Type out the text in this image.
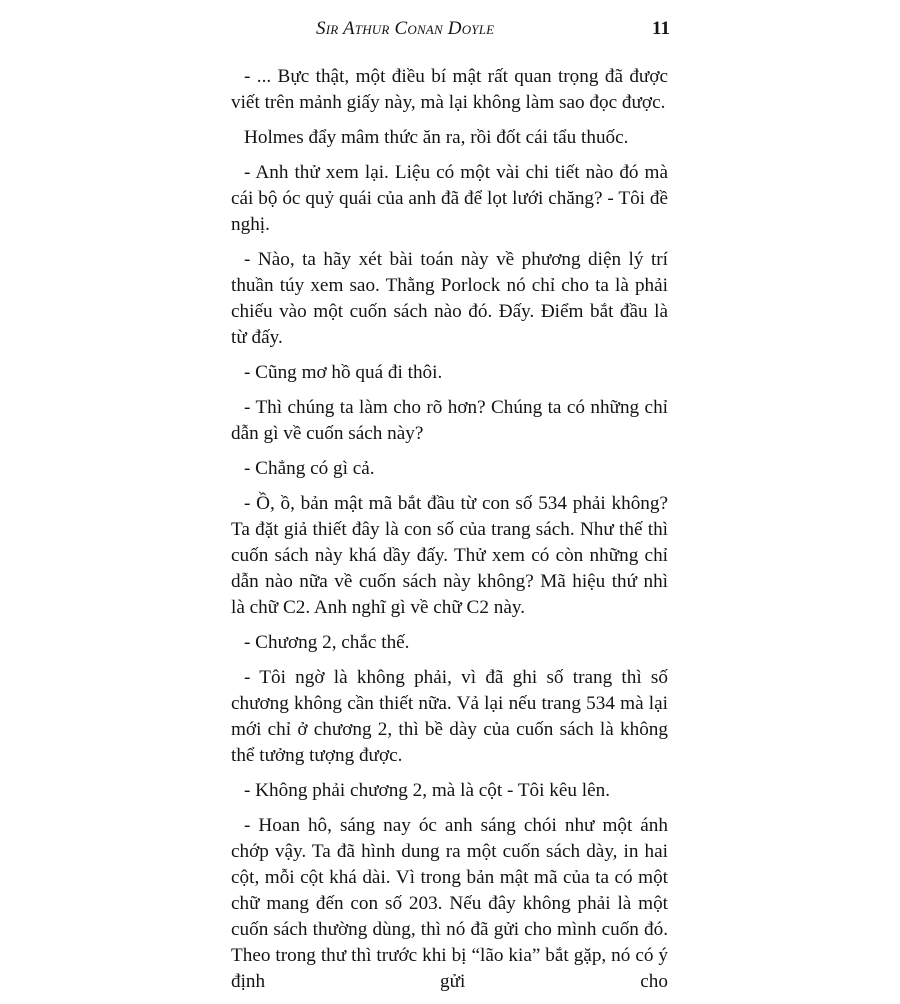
Sir Athur Conan Doyle	11

- ... Bực thật, một điều bí mật rất quan trọng đã được viết trên mảnh giấy này, mà lại không làm sao đọc được.

Holmes đẩy mâm thức ăn ra, rồi đốt cái tẩu thuốc.

- Anh thử xem lại. Liệu có một vài chi tiết nào đó mà cái bộ óc quỷ quái của anh đã để lọt lưới chăng? - Tôi đề nghị.

- Nào, ta hãy xét bài toán này về phương diện lý trí thuần túy xem sao. Thằng Porlock nó chỉ cho ta là phải chiếu vào một cuốn sách nào đó. Đấy. Điểm bắt đầu là từ đấy.

- Cũng mơ hồ quá đi thôi.

- Thì chúng ta làm cho rõ hơn? Chúng ta có những chỉ dẫn gì về cuốn sách này?

- Chẳng có gì cả.

- Ồ, ồ, bản mật mã bắt đầu từ con số 534 phải không? Ta đặt giả thiết đây là con số của trang sách. Như thế thì cuốn sách này khá dầy đấy. Thử xem có còn những chỉ dẫn nào nữa về cuốn sách này không? Mã hiệu thứ nhì là chữ C2. Anh nghĩ gì về chữ C2 này.

- Chương 2, chắc thế.

- Tôi ngờ là không phải, vì đã ghi số trang thì số chương không cần thiết nữa. Vả lại nếu trang 534 mà lại mới chỉ ở chương 2, thì bề dày của cuốn sách là không thể tưởng tượng được.

- Không phải chương 2, mà là cột - Tôi kêu lên.

- Hoan hô, sáng nay óc anh sáng chói như một ánh chớp vậy. Ta đã hình dung ra một cuốn sách dày, in hai cột, mỗi cột khá dài. Vì trong bản mật mã của ta có một chữ mang đến con số 203. Nếu đây không phải là một cuốn sách thường dùng, thì nó đã gửi cho mình cuốn đó. Theo trong thư thì trước khi bị “lão kia” bắt gặp, nó có ý định gửi cho
